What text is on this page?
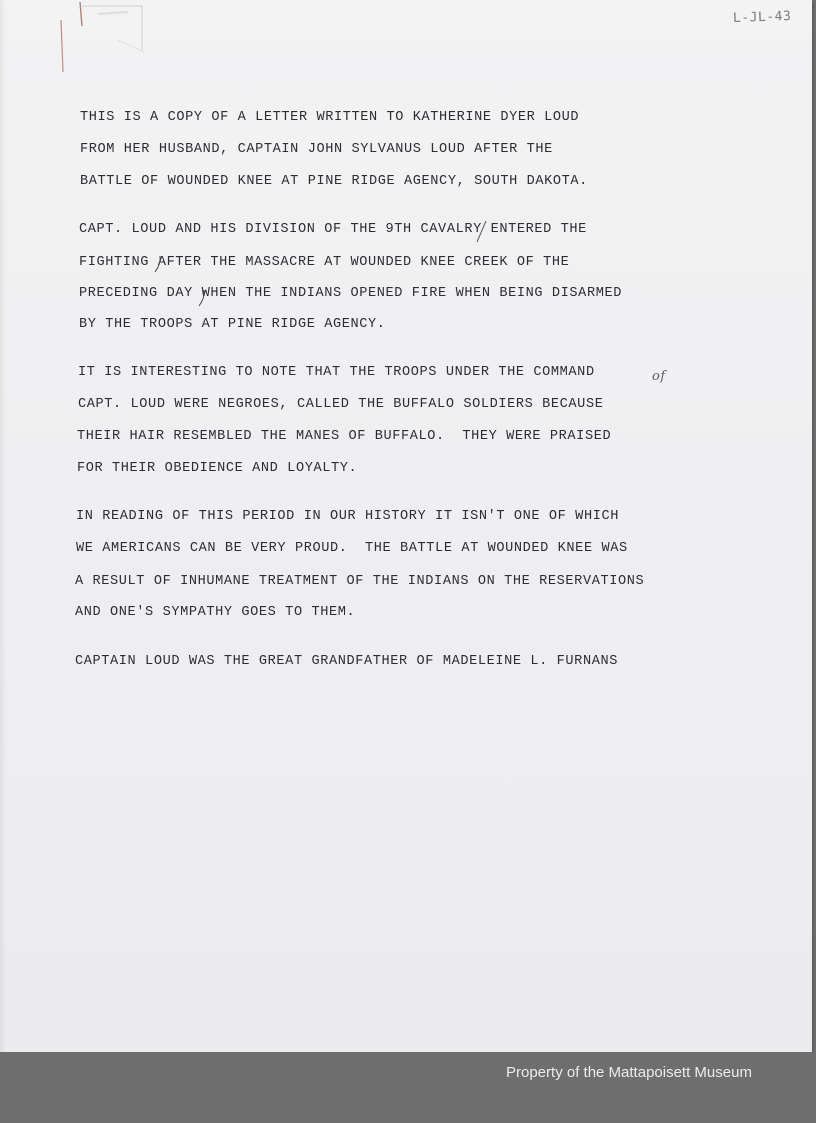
L-JL-43
THIS IS A COPY OF A LETTER WRITTEN TO KATHERINE DYER LOUD
FROM HER HUSBAND, CAPTAIN JOHN SYLVANUS LOUD AFTER THE
BATTLE OF WOUNDED KNEE AT PINE RIDGE AGENCY, SOUTH DAKOTA.
CAPT. LOUD AND HIS DIVISION OF THE 9TH CAVALRY ENTERED THE
FIGHTING AFTER THE MASSACRE AT WOUNDED KNEE CREEK OF THE
PRECEDING DAY WHEN THE INDIANS OPENED FIRE WHEN BEING DISARMED
BY THE TROOPS AT PINE RIDGE AGENCY.
IT IS INTERESTING TO NOTE THAT THE TROOPS UNDER THE COMMAND	of
CAPT. LOUD WERE NEGROES, CALLED THE BUFFALO SOLDIERS BECAUSE
THEIR HAIR RESEMBLED THE MANES OF BUFFALO.  THEY WERE PRAISED
FOR THEIR OBEDIENCE AND LOYALTY.
IN READING OF THIS PERIOD IN OUR HISTORY IT ISN'T ONE OF WHICH
WE AMERICANS CAN BE VERY PROUD.  THE BATTLE AT WOUNDED KNEE WAS
A RESULT OF INHUMANE TREATMENT OF THE INDIANS ON THE RESERVATIONS
AND ONE'S SYMPATHY GOES TO THEM.
CAPTAIN LOUD WAS THE GREAT GRANDFATHER OF MADELEINE L. FURNANS
Property of the Mattapoisett Museum
